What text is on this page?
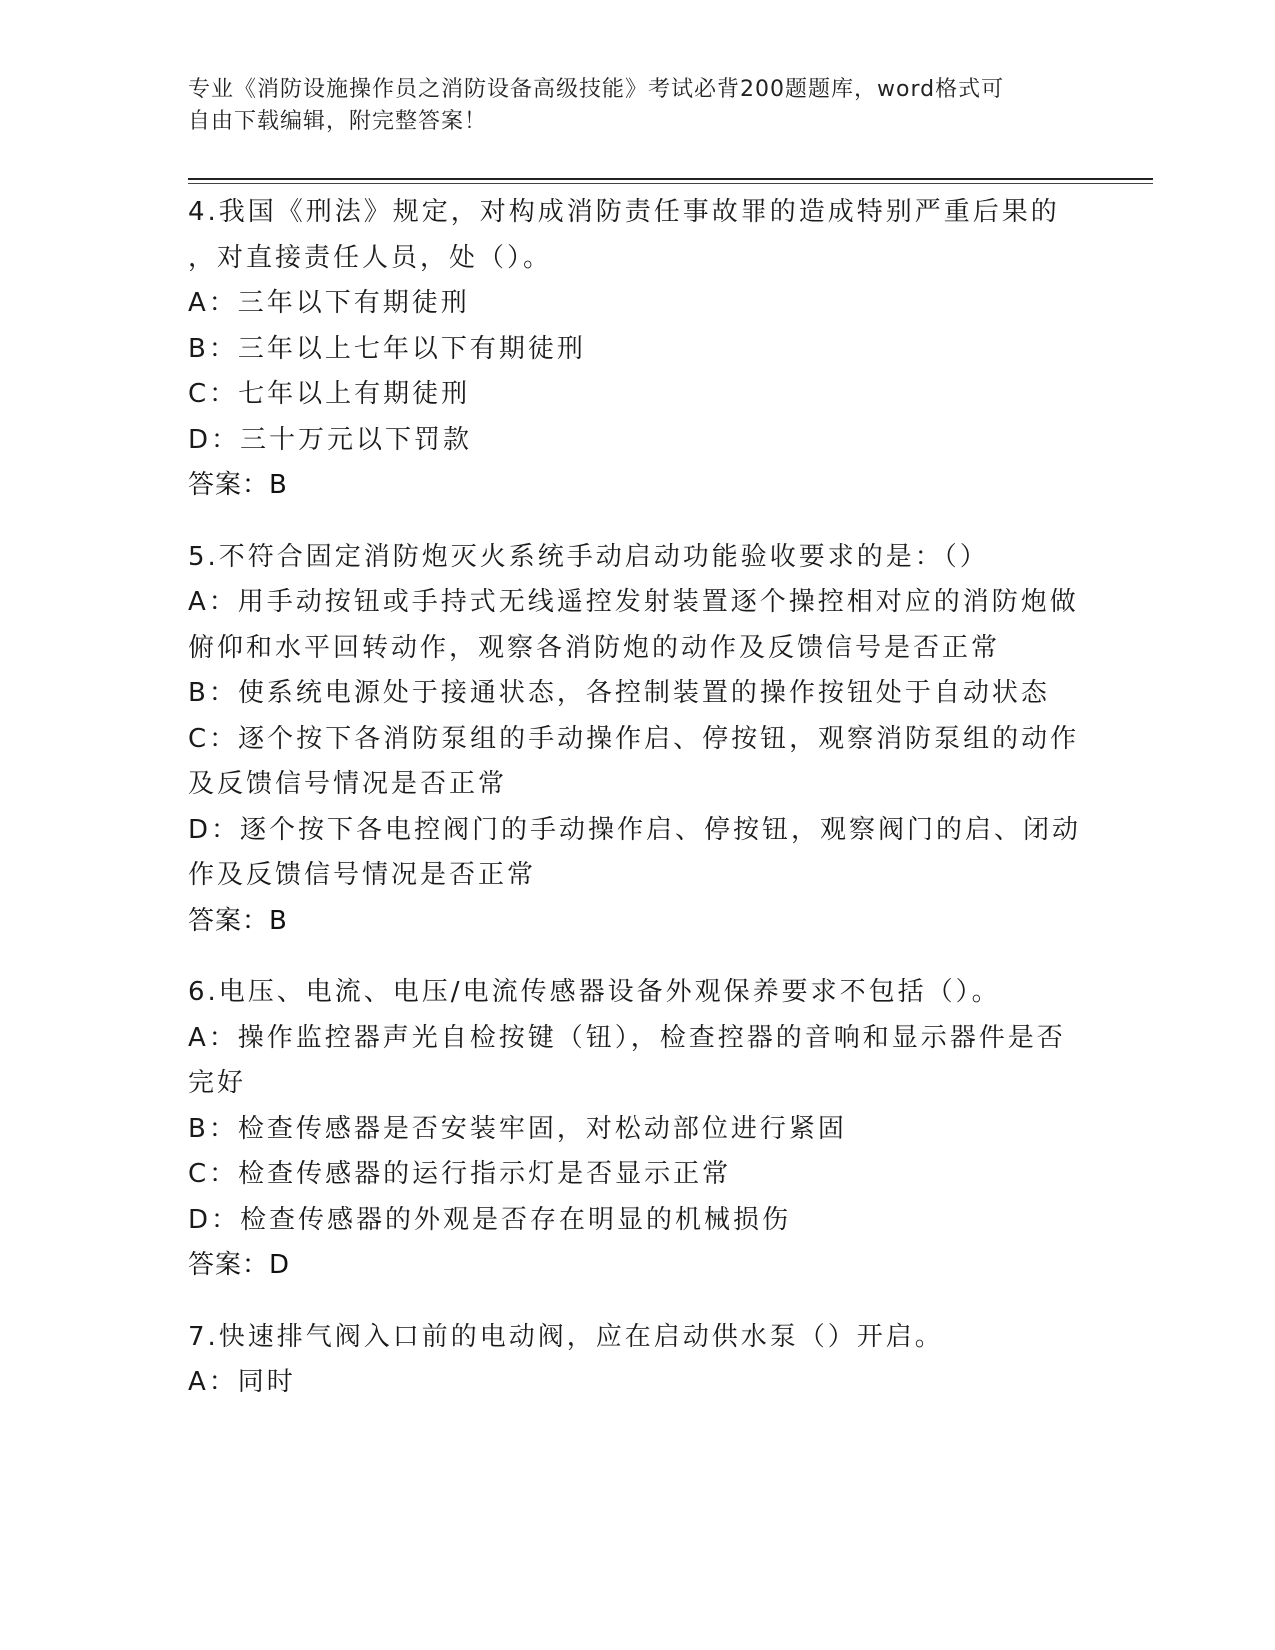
专业《消防设施操作员之消防设备高级技能》考试必背200题题库，word格式可
自由下载编辑，附完整答案！
4.我国《刑法》规定，对构成消防责任事故罪的造成特别严重后果的
，对直接责任人员，处（）。
A：三年以下有期徒刑
B：三年以上七年以下有期徒刑
C：七年以上有期徒刑
D：三十万元以下罚款
答案：B
5.不符合固定消防炮灭火系统手动启动功能验收要求的是：（）
A：用手动按钮或手持式无线遥控发射装置逐个操控相对应的消防炮做
俯仰和水平回转动作，观察各消防炮的动作及反馈信号是否正常
B：使系统电源处于接通状态，各控制装置的操作按钮处于自动状态
C：逐个按下各消防泵组的手动操作启、停按钮，观察消防泵组的动作
及反馈信号情况是否正常
D：逐个按下各电控阀门的手动操作启、停按钮，观察阀门的启、闭动
作及反馈信号情况是否正常
答案：B
6.电压、电流、电压/电流传感器设备外观保养要求不包括（）。
A：操作监控器声光自检按键（钮），检查控器的音响和显示器件是否
完好
B：检查传感器是否安装牢固，对松动部位进行紧固
C：检查传感器的运行指示灯是否显示正常
D：检查传感器的外观是否存在明显的机械损伤
答案：D
7.快速排气阀入口前的电动阀，应在启动供水泵（）开启。
A：同时
